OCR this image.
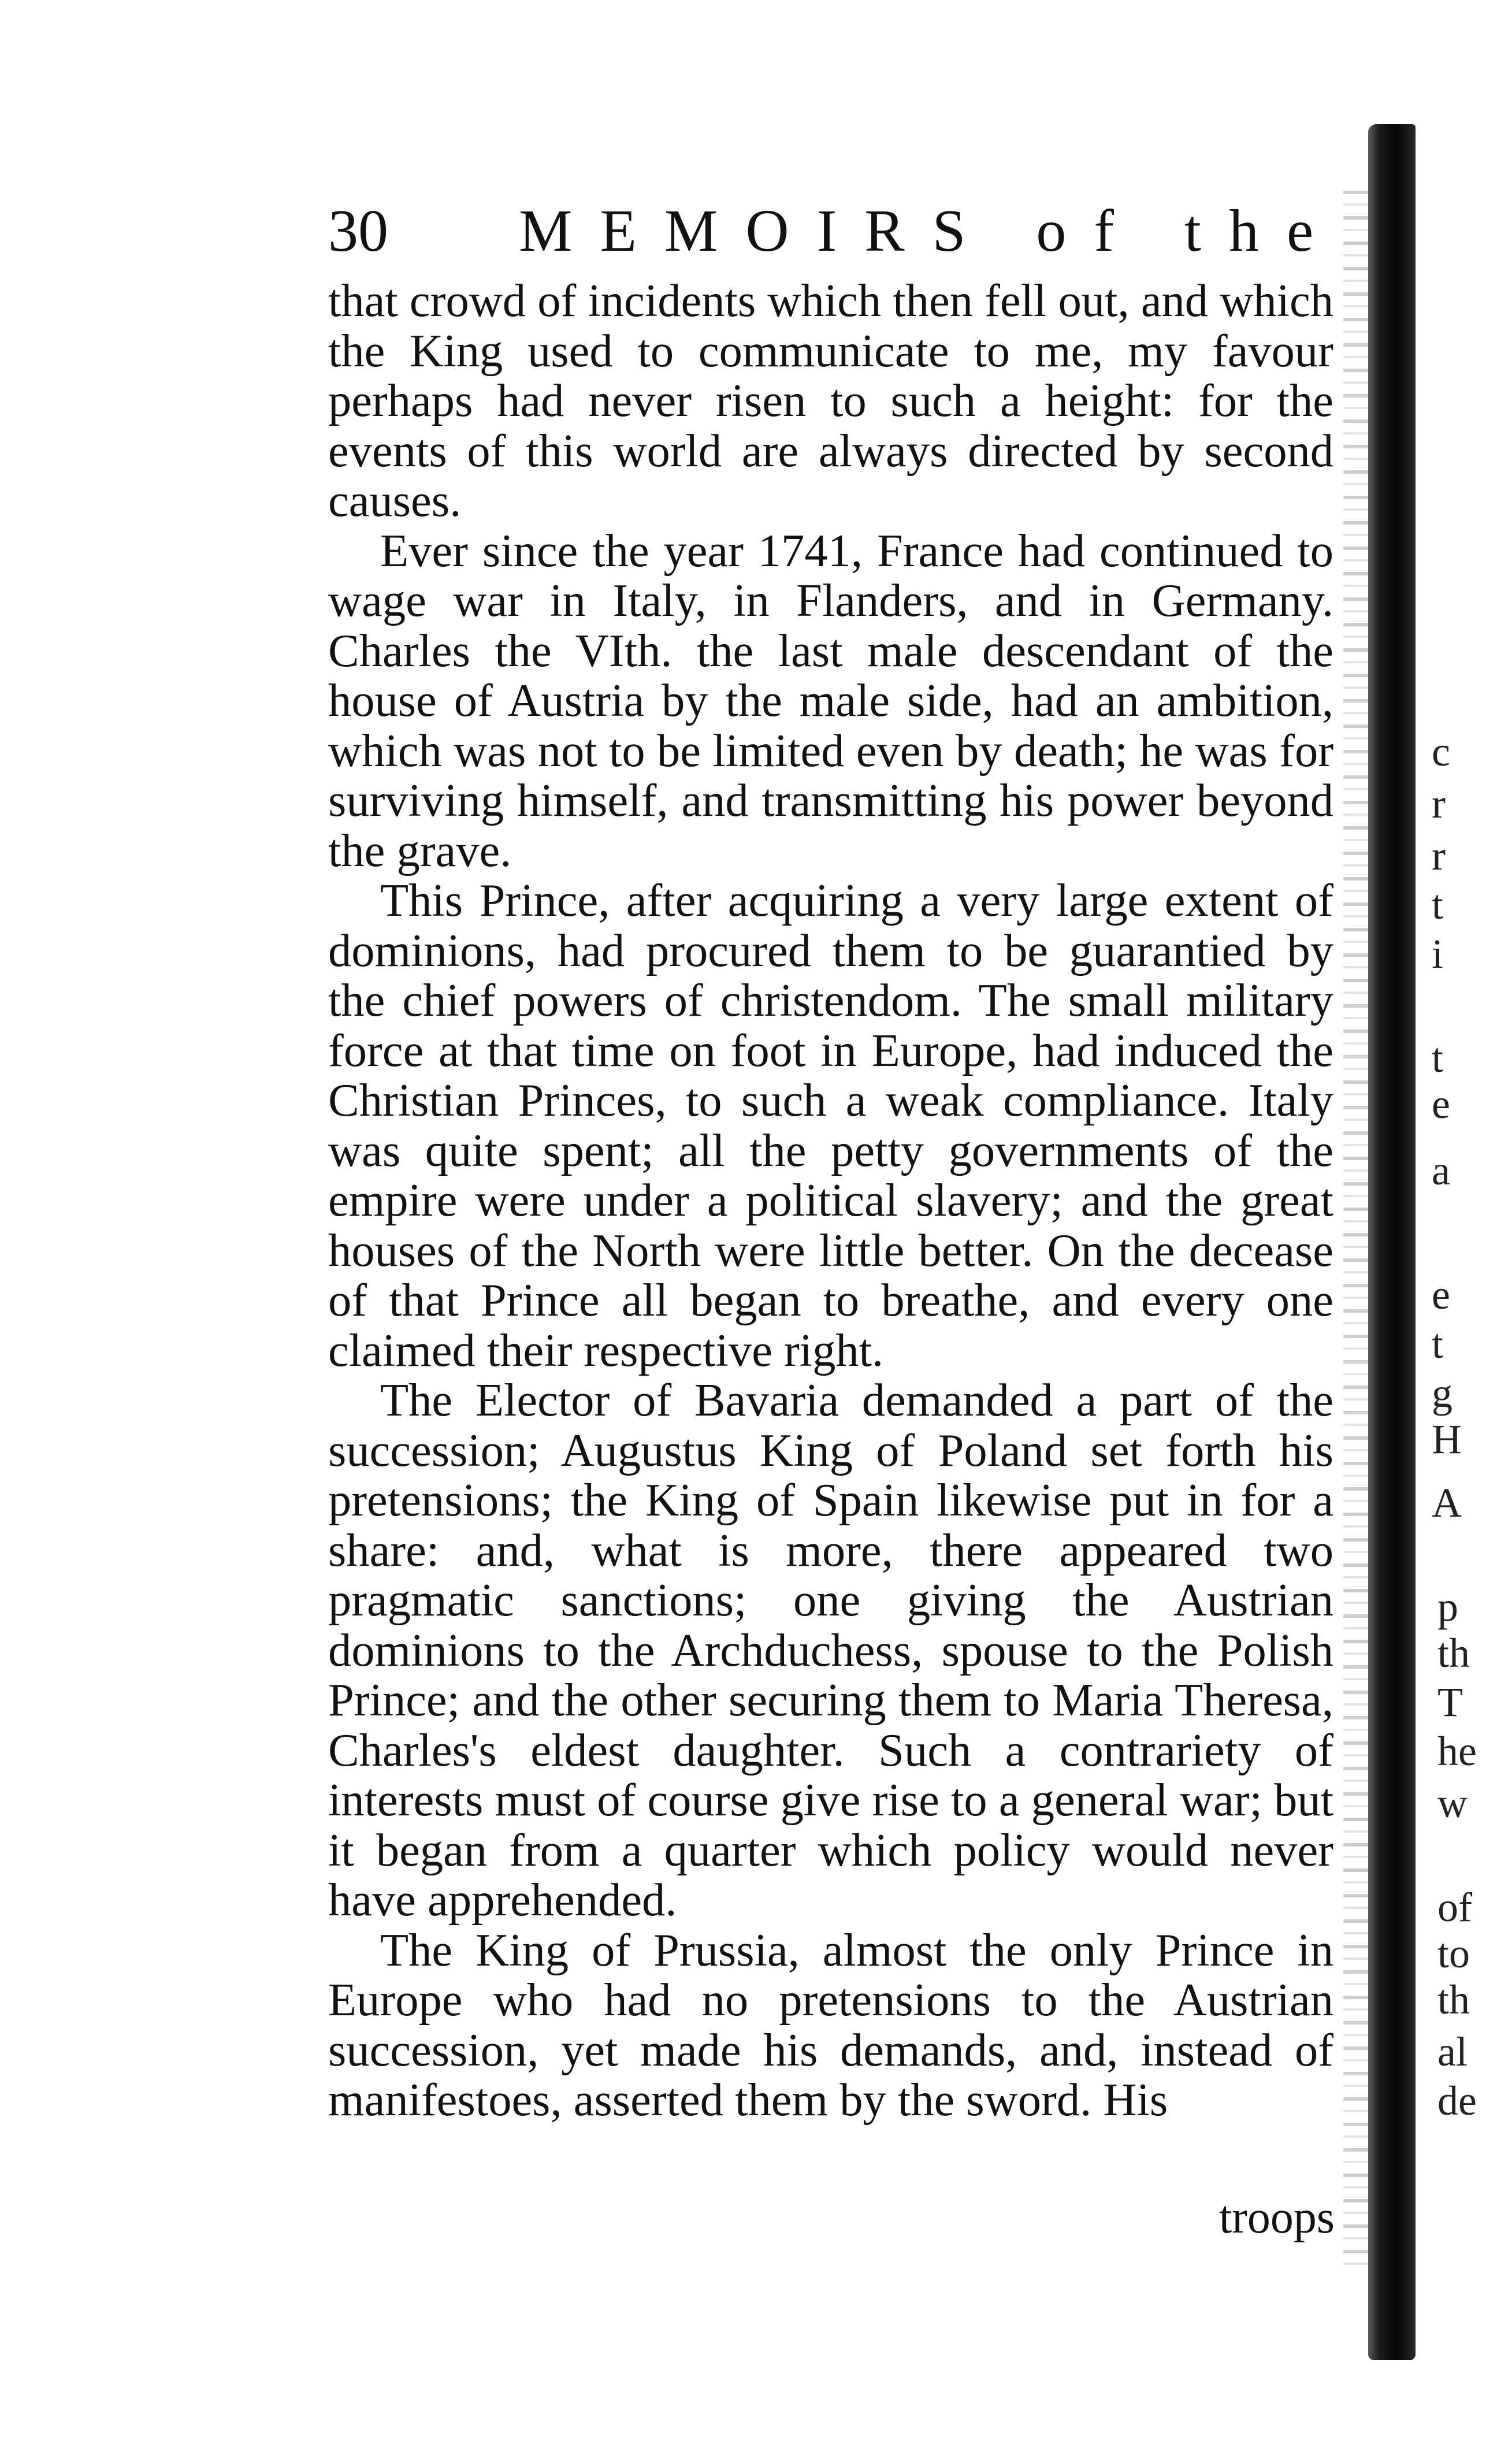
30 MEMOIRS of the

that crowd of incidents which then fell out, and which the King used to communicate to me, my favour perhaps had never risen to such a height: for the events of this world are always directed by second causes.

Ever since the year 1741, France had continued to wage war in Italy, in Flanders, and in Germany. Charles the VIth. the last male descendant of the house of Austria by the male side, had an ambition, which was not to be limited even by death; he was for surviving himself, and transmitting his power beyond the grave.

This Prince, after acquiring a very large extent of dominions, had procured them to be guarantied by the chief powers of christendom. The small military force at that time on foot in Europe, had induced the Christian Princes, to such a weak compliance. Italy was quite spent; all the petty governments of the empire were under a political slavery; and the great houses of the North were little better. On the decease of that Prince all began to breathe, and every one claimed their respective right.

The Elector of Bavaria demanded a part of the succession; Augustus King of Poland set forth his pretensions; the King of Spain likewise put in for a share: and, what is more, there appeared two pragmatic sanctions; one giving the Austrian dominions to the Archduchess, spouse to the Polish Prince; and the other securing them to Maria Theresa, Charles's eldest daughter. Such a contrariety of interests must of course give rise to a general war; but it began from a quarter which policy would never have apprehended.

The King of Prussia, almost the only Prince in Europe who had no pretensions to the Austrian succession, yet made his demands, and, instead of manifestoes, asserted them by the sword. His

troops
c
r
r
t
i
t
e
a
e
t
g
H
A
p
th
T
he
w
of
to
th
al
de
